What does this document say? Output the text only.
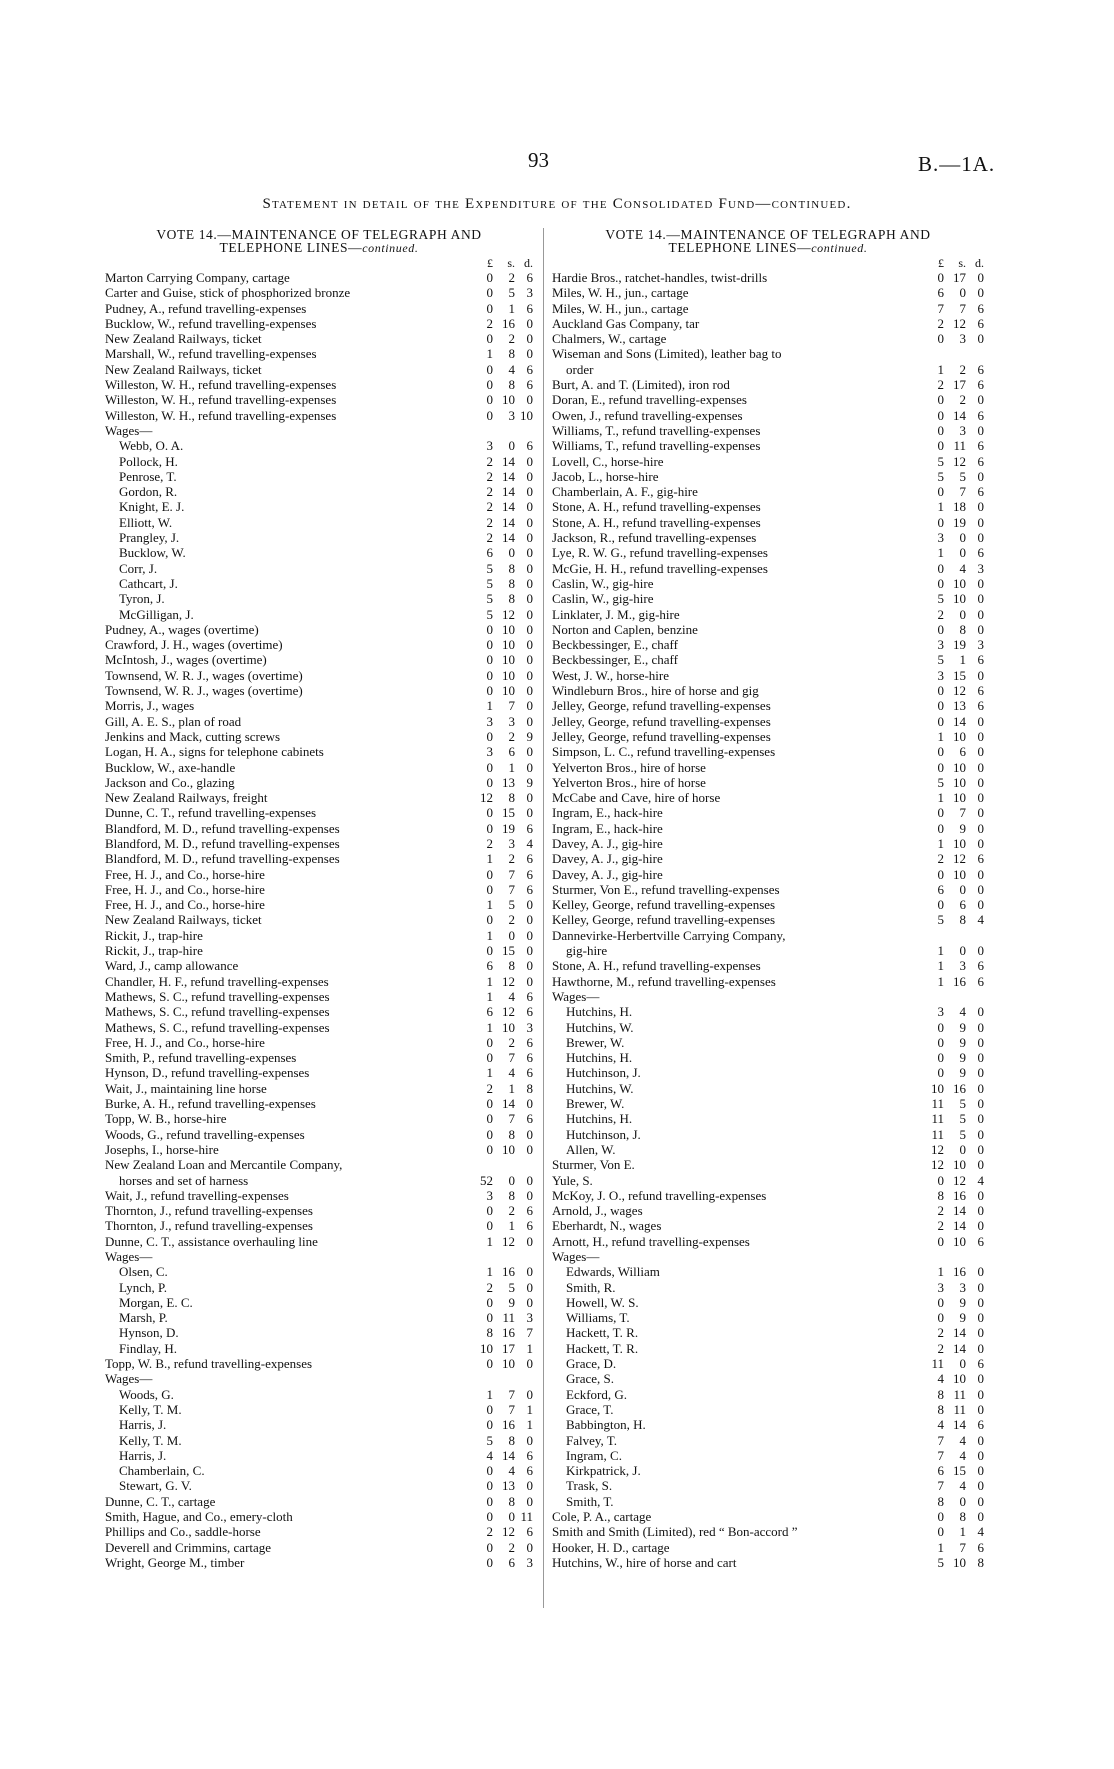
93	B.—1A.
Statement in detail of the Expenditure of the Consolidated Fund—continued.
VOTE 14.—MAINTENANCE OF TELEGRAPH AND
TELEPHONE LINES—continued.
£	s. d.
Marton Carrying Company, cartage	0	2 6
Carter and Guise, stick of phosphorized bronze	0	5 3
Pudney, A., refund travelling-expenses	0	1 6
Bucklow, W., refund travelling-expenses	2 16 0
New Zealand Railways, ticket	0	2 0
Marshall, W., refund travelling-expenses	1	8 0
New Zealand Railways, ticket	0	4 6
Willeston, W. H., refund travelling-expenses	0	8 6
Willeston, W. H., refund travelling-expenses	0 10 0
Willeston, W. H., refund travelling-expenses	0	3 10
Wages—
Webb, O. A.	3	0 6
Pollock, H.	2 14 0
Penrose, T.	2 14 0
Gordon, R.	2 14 0
Knight, E. J.	2 14 0
Elliott, W.	2 14 0
Prangley, J.	2 14 0
Bucklow, W.	6	0 0
Corr, J.	5	8 0
Cathcart, J.	5	8 0
Tyron, J.	5	8 0
McGilligan, J.	5 12 0
Pudney, A., wages (overtime)	0 10 0
Crawford, J. H., wages (overtime)	0 10 0
McIntosh, J., wages (overtime)	0 10 0
Townsend, W. R. J., wages (overtime)	0 10 0
Townsend, W. R. J., wages (overtime)	0 10 0
Morris, J., wages	1	7 0
Gill, A. E. S., plan of road	3	3 0
Jenkins and Mack, cutting screws	0	2 9
Logan, H. A., signs for telephone cabinets	3	6 0
Bucklow, W., axe-handle	0	1 0
Jackson and Co., glazing	0 13 9
New Zealand Railways, freight	12	8 0
Dunne, C. T., refund travelling-expenses	0 15 0
Blandford, M. D., refund travelling-expenses	0 19 6
Blandford, M. D., refund travelling-expenses	2	3 4
Blandford, M. D., refund travelling-expenses	1	2 6
Free, H. J., and Co., horse-hire	0	7 6
Free, H. J., and Co., horse-hire	0	7 6
Free, H. J., and Co., horse-hire	1	5 0
New Zealand Railways, ticket	0	2 0
Rickit, J., trap-hire	1	0 0
Rickit, J., trap-hire	0 15 0
Ward, J., camp allowance	6	8 0
Chandler, H. F., refund travelling-expenses	1 12 0
Mathews, S. C., refund travelling-expenses	1	4 6
Mathews, S. C., refund travelling-expenses	6 12 6
Mathews, S. C., refund travelling-expenses	1 10 3
Free, H. J., and Co., horse-hire	0	2 6
Smith, P., refund travelling-expenses	0	7 6
Hynson, D., refund travelling-expenses	1	4 6
Wait, J., maintaining line horse	2	1 8
Burke, A. H., refund travelling-expenses	0 14 0
Topp, W. B., horse-hire	0	7 6
Woods, G., refund travelling-expenses	0	8 0
Josephs, I., horse-hire	0 10 0
New Zealand Loan and Mercantile Company,
horses and set of harness	52	0 0
Wait, J., refund travelling-expenses	3	8 0
Thornton, J., refund travelling-expenses	0	2 6
Thornton, J., refund travelling-expenses	0	1 6
Dunne, C. T., assistance overhauling line	1 12 0
Wages—
Olsen, C.	1 16 0
Lynch, P.	2	5 0
Morgan, E. C.	0	9 0
Marsh, P.	0 11 3
Hynson, D.	8 16 7
Findlay, H.	10 17 1
Topp, W. B., refund travelling-expenses	0 10 0
Wages—
Woods, G.	1	7 0
Kelly, T. M.	0	7 1
Harris, J.	0 16 1
Kelly, T. M.	5	8 0
Harris, J.	4 14 6
Chamberlain, C.	0	4 6
Stewart, G. V.	0 13 0
Dunne, C. T., cartage	0	8 0
Smith, Hague, and Co., emery-cloth	0	0 11
Phillips and Co., saddle-horse	2 12 6
Deverell and Crimmins, cartage	0	2 0
Wright, George M., timber	0	6 3
VOTE 14.—MAINTENANCE OF TELEGRAPH AND
TELEPHONE LINES—continued.
£	s. d.
Hardie Bros., ratchet-handles, twist-drills	0 17 0
Miles, W. H., jun., cartage	6	0 0
Miles, W. H., jun., cartage	7	7 6
Auckland Gas Company, tar	2 12 6
Chalmers, W., cartage	0	3 0
Wiseman and Sons (Limited), leather bag to
order	1	2 6
Burt, A. and T. (Limited), iron rod	2 17 6
Doran, E., refund travelling-expenses	0	2 0
Owen, J., refund travelling-expenses	0 14 6
Williams, T., refund travelling-expenses	0	3 0
Williams, T., refund travelling-expenses	0 11 6
Lovell, C., horse-hire	5 12 6
Jacob, L., horse-hire	5	5 0
Chamberlain, A. F., gig-hire	0	7 6
Stone, A. H., refund travelling-expenses	1 18 0
Stone, A. H., refund travelling-expenses	0 19 0
Jackson, R., refund travelling-expenses	3	0 0
Lye, R. W. G., refund travelling-expenses	1	0 6
McGie, H. H., refund travelling-expenses	0	4 3
Caslin, W., gig-hire	0 10 0
Caslin, W., gig-hire	5 10 0
Linklater, J. M., gig-hire	2	0 0
Norton and Caplen, benzine	0	8 0
Beckbessinger, E., chaff	3 19 3
Beckbessinger, E., chaff	5	1 6
West, J. W., horse-hire	3 15 0
Windleburn Bros., hire of horse and gig	0 12 6
Jelley, George, refund travelling-expenses	0 13 6
Jelley, George, refund travelling-expenses	0 14 0
Jelley, George, refund travelling-expenses	1 10 0
Simpson, L. C., refund travelling-expenses	0	6 0
Yelverton Bros., hire of horse	0 10 0
Yelverton Bros., hire of horse	5 10 0
McCabe and Cave, hire of horse	1 10 0
Ingram, E., hack-hire	0	7 0
Ingram, E., hack-hire	0	9 0
Davey, A. J., gig-hire	1 10 0
Davey, A. J., gig-hire	2 12 6
Davey, A. J., gig-hire	0 10 0
Sturmer, Von E., refund travelling-expenses	6	0 0
Kelley, George, refund travelling-expenses	0	6 0
Kelley, George, refund travelling-expenses	5	8 4
Dannevirke-Herbertville Carrying Company,
gig-hire	1	0 0
Stone, A. H., refund travelling-expenses	1	3 6
Hawthorne, M., refund travelling-expenses	1 16 6
Wages—
Hutchins, H.	3	4 0
Hutchins, W.	0	9 0
Brewer, W.	0	9 0
Hutchins, H.	0	9 0
Hutchinson, J.	0	9 0
Hutchins, W.	10 16 0
Brewer, W.	11	5 0
Hutchins, H.	11	5 0
Hutchinson, J.	11	5 0
Allen, W.	12	0 0
Sturmer, Von E.	12 10 0
Yule, S.	0 12 4
McKoy, J. O., refund travelling-expenses	8 16 0
Arnold, J., wages	2 14 0
Eberhardt, N., wages	2 14 0
Arnott, H., refund travelling-expenses	0 10 6
Wages—
Edwards, William	1 16 0
Smith, R.	3	3 0
Howell, W. S.	0	9 0
Williams, T.	0	9 0
Hackett, T. R.	2 14 0
Hackett, T. R.	2 14 0
Grace, D.	11	0 6
Grace, S.	4 10 0
Eckford, G.	8 11 0
Grace, T.	8 11 0
Babbington, H.	4 14 6
Falvey, T.	7	4 0
Ingram, C.	7	4 0
Kirkpatrick, J.	6 15 0
Trask, S.	7	4 0
Smith, T.	8	0 0
Cole, P. A., cartage	0	8 0
Smith and Smith (Limited), red “ Bon-accord ”	0	1 4
Hooker, H. D., cartage	1	7 6
Hutchins, W., hire of horse and cart	5 10 8
